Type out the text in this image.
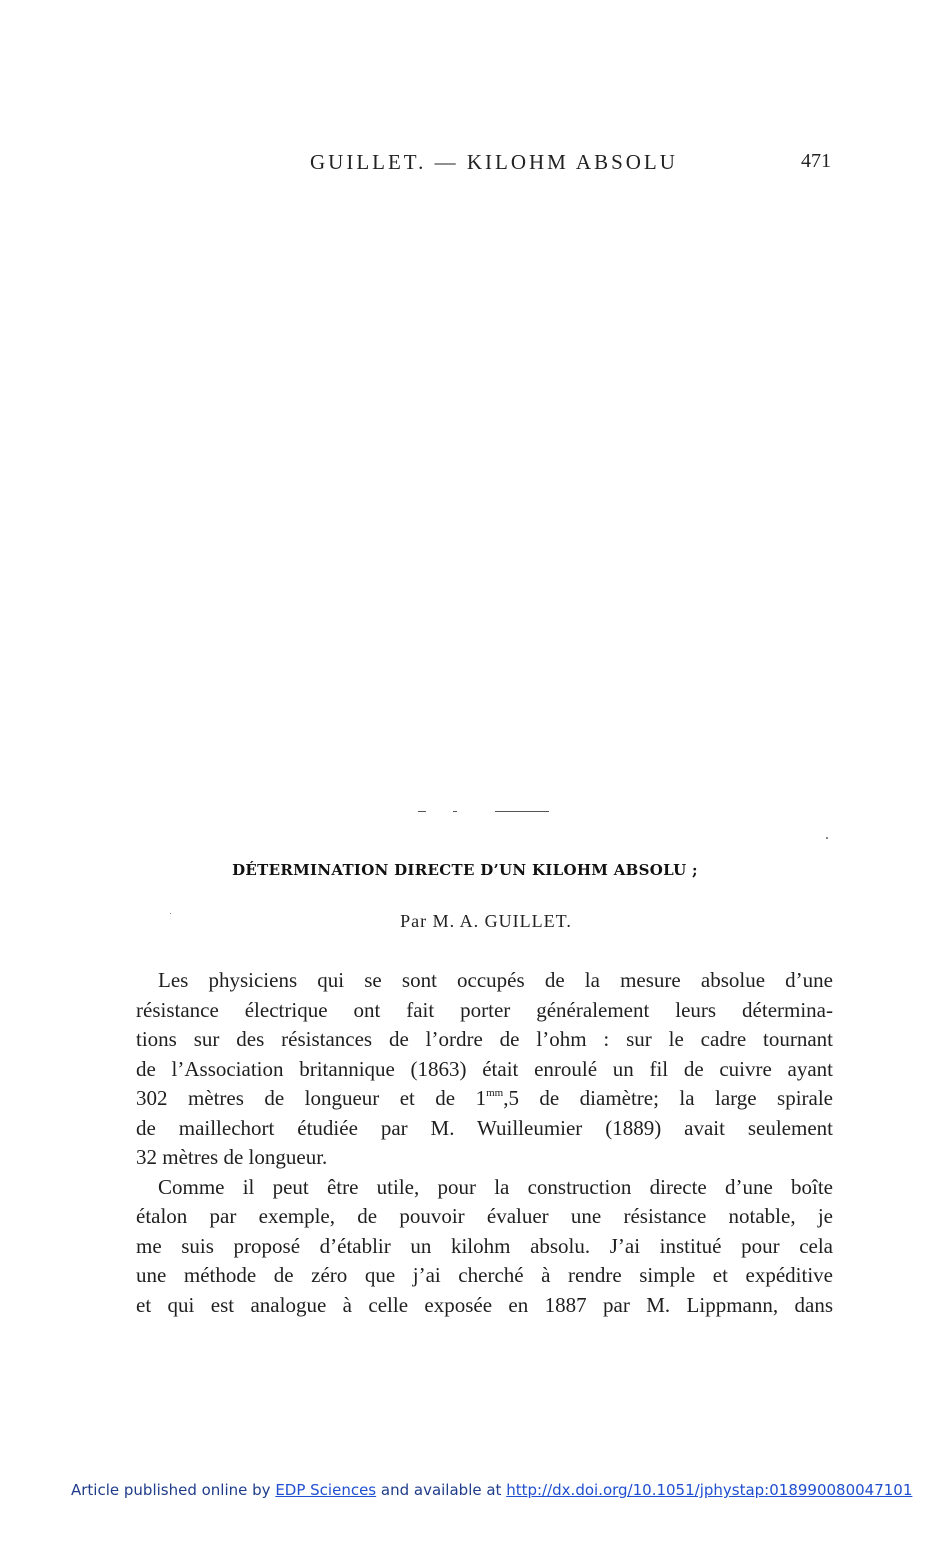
GUILLET. — KILOHM ABSOLU	471
DÉTERMINATION DIRECTE D’UN KILOHM ABSOLU ;
Par M. A. GUILLET.
Les physiciens qui se sont occupés de la mesure absolue d’une
résistance électrique ont fait porter généralement leurs détermina-
tions sur des résistances de l’ordre de l’ohm : sur le cadre tournant
de l’Association britannique (1863) était enroulé un fil de cuivre ayant
302 mètres de longueur et de $1^{mm},5$ de diamètre; la large spirale
de maillechort étudiée par M. Wuilleumier (1889) avait seulement
32 mètres de longueur.
Comme il peut être utile, pour la construction directe d’une boîte
étalon par exemple, de pouvoir évaluer une résistance notable, je
me suis proposé d’établir un kilohm absolu. J’ai institué pour cela
une méthode de zéro que j’ai cherché à rendre simple et expéditive
et qui est analogue à celle exposée en 1887 par M. Lippmann, dans
Article published online by EDP Sciences and available at http://dx.doi.org/10.1051/jphystap:018990080047101
